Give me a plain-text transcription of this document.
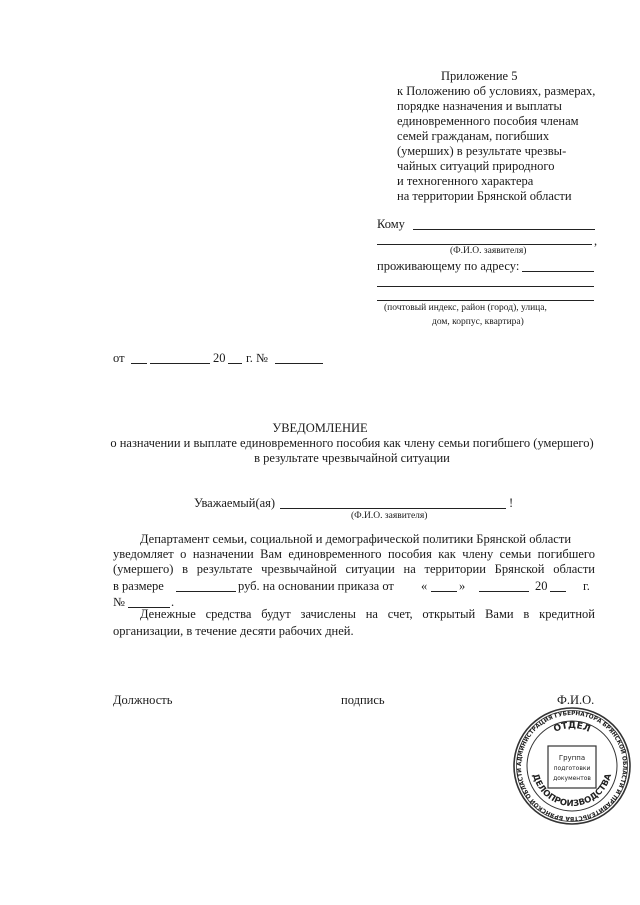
Приложение 5
к Положению об условиях, размерах,
порядке назначения и выплаты
единовременного пособия членам
семей гражданам, погибших
(умерших) в результате чрезвы-
чайных ситуаций природного
и техногенного характера
на территории Брянской области
Кому
,
(Ф.И.О. заявителя)
проживающему по адресу:
(почтовый индекс, район (город), улица,
дом, корпус, квартира)
от	20 г. №
УВЕДОМЛЕНИЕ
о назначении и выплате единовременного пособия как члену семьи погибшего (умершего)
в результате чрезвычайной ситуации
Уважаемый(ая)	!
(Ф.И.О. заявителя)
Департамент семьи, социальной и демографической политики Брянской области
уведомляет о назначении Вам единовременного пособия как члену семьи погибшего
(умершего) в результате чрезвычайной ситуации на территории Брянской области
в размере	руб. на основании приказа от «	»	20	г.
№	.
Денежные средства будут зачислены на счет, открытый Вами в кредитной
организации, в течение десяти рабочих дней.
Должность	подпись	Ф.И.О.
АДМИНИСТРАЦИЯ ГУБЕРНАТОРА БРЯНСКОЙ ОБЛАСТИ И ПРАВИТЕЛЬСТВА БРЯНСКОЙ ОБЛАСТИ
ОТДЕЛ
ДЕЛОПРОИЗВОДСТВА
Группа
подготовки
документов
